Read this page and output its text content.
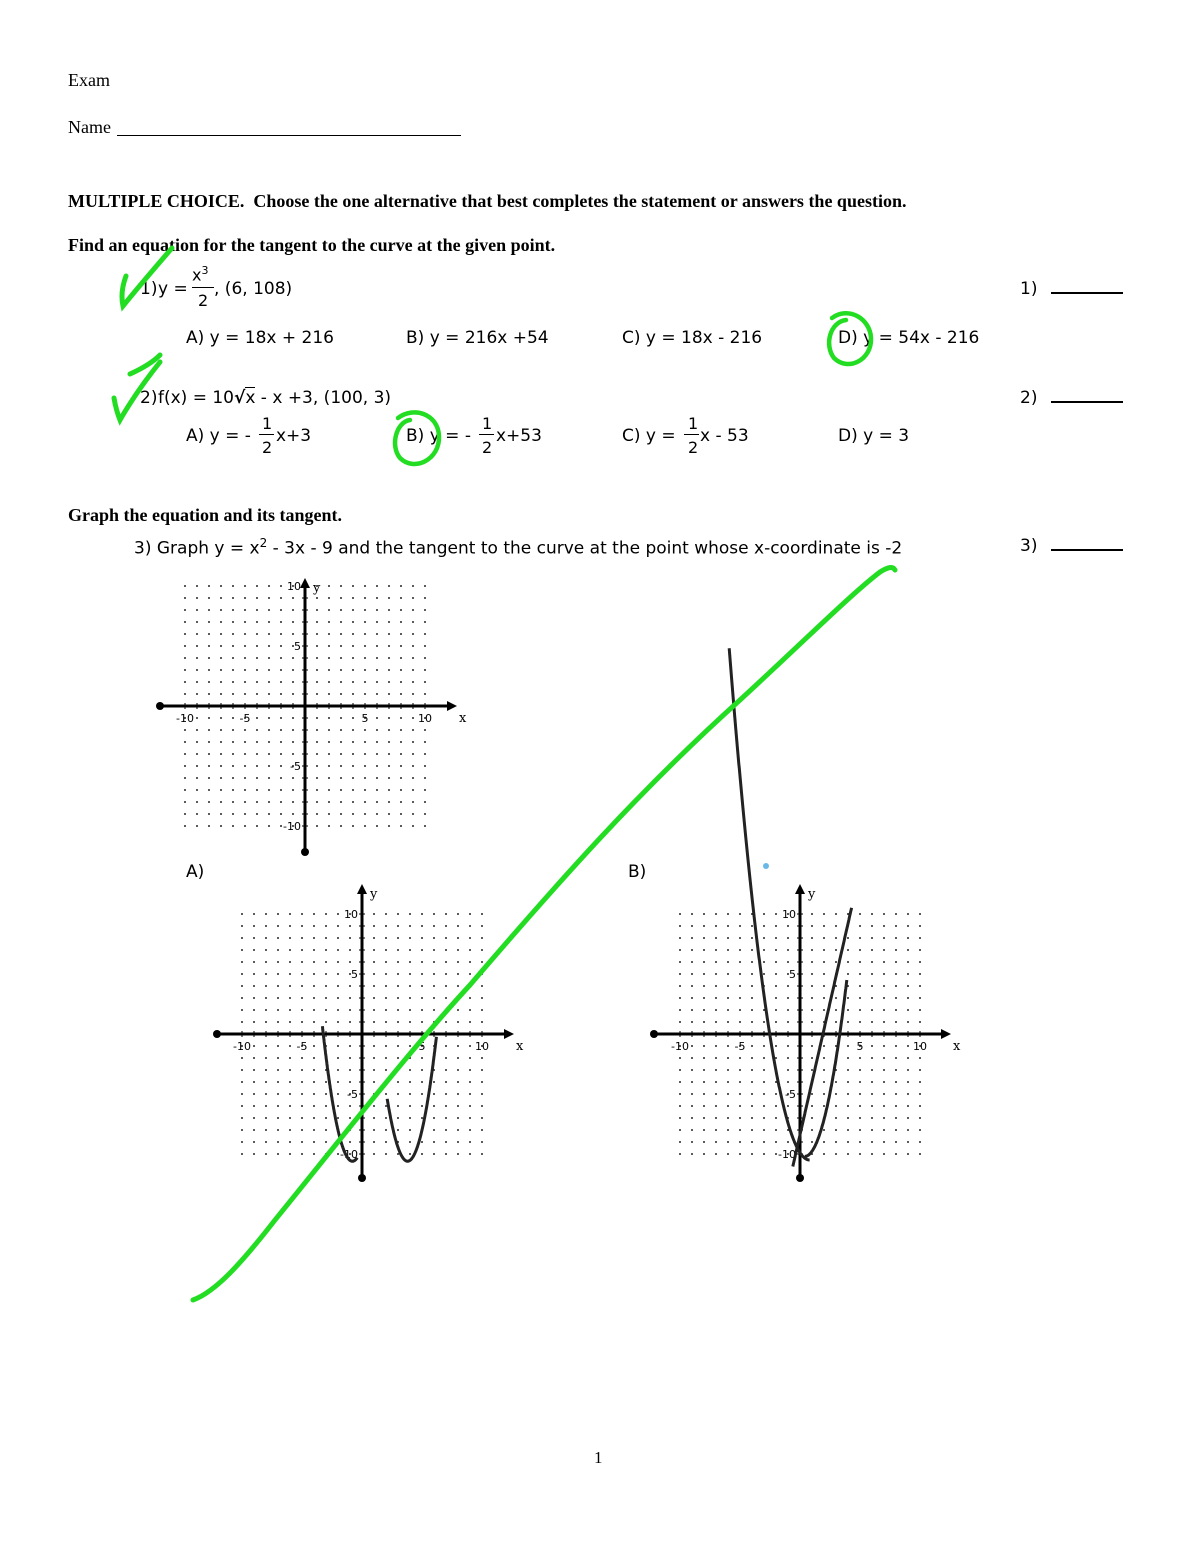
Exam
Name
MULTIPLE CHOICE. Choose the one alternative that best completes the statement or answers the question.
Find an equation for the tangent to the curve at the given point.
1) y =
$x^3$
2
, (6, 108)	1)
A) y = 18x + 216	B) y = 216x +54	C) y = 18x - 216	D) y = 54x - 216
2) f(x) = 10√x - x +3, (100, 3)	2)
A) y = -
1
2
x+3	B) y = -
1
2
x+53	C) y =
1
2
x - 53	D) y = 3
Graph the equation and its tangent.
3) Graph $y = x^2 - 3x - 9$ and the tangent to the curve at the point whose x-coordinate is -2	3)
A)	B)
-10	-5	5	10
10
5
-5
-10
x
y
-10	-5	5	10
10
5
-5
-10
x
y
-10	-5	5	10
10
5
-5
-10
x
y
1
